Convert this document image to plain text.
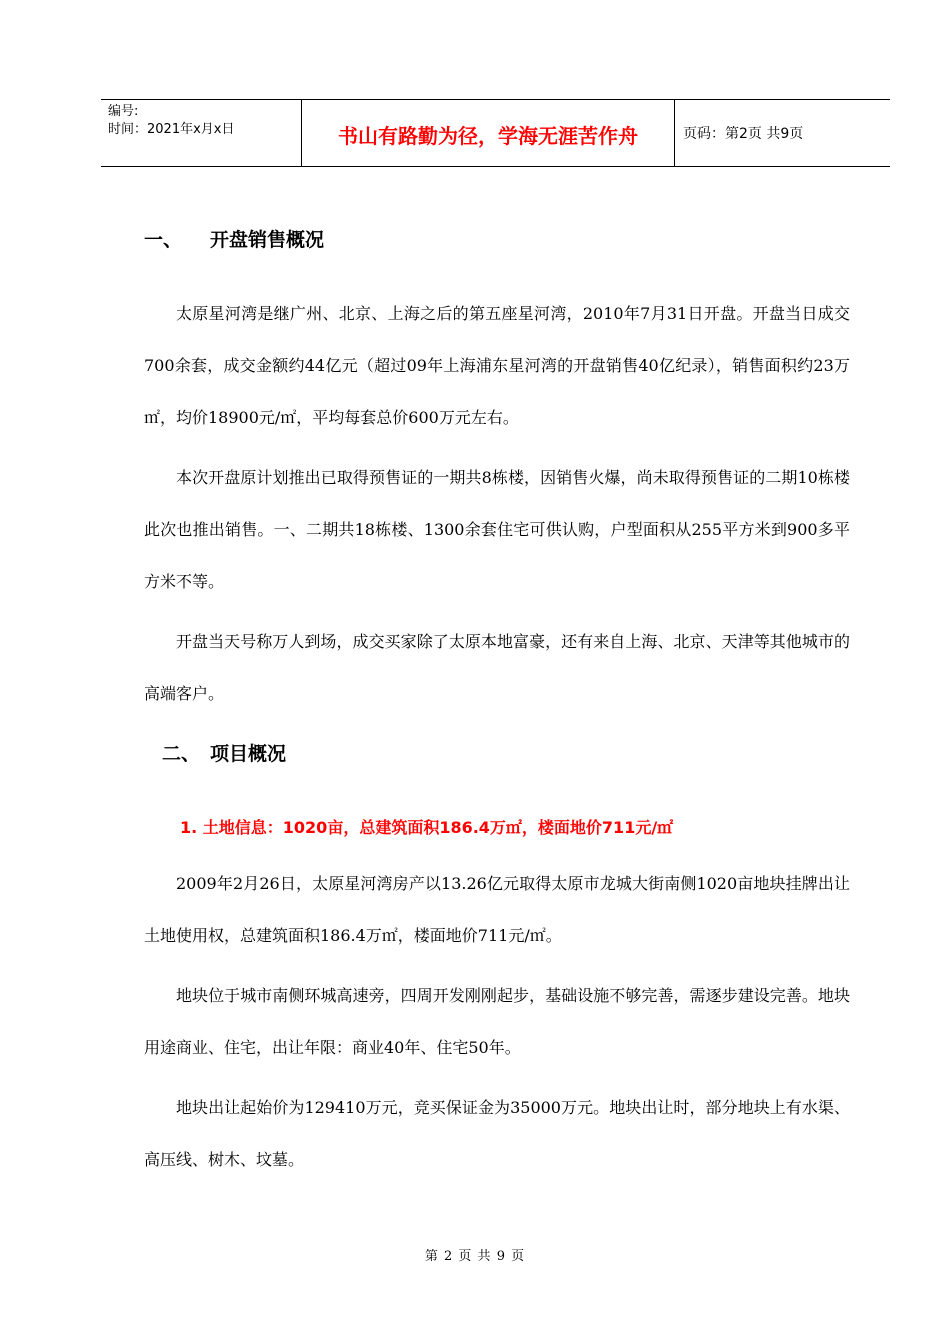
编号:
时间：2021年x月x日	书山有路勤为径，学海无涯苦作舟	页码：第2页 共9页
一、 开盘销售概况

太原星河湾是继广州、北京、上海之后的第五座星河湾，2010年7月31日开盘。开盘当日成交700余套，成交金额约44亿元（超过09年上海浦东星河湾的开盘销售40亿纪录），销售面积约23万㎡，均价18900元/㎡，平均每套总价600万元左右。

本次开盘原计划推出已取得预售证的一期共8栋楼，因销售火爆，尚未取得预售证的二期10栋楼此次也推出销售。一、二期共18栋楼、1300余套住宅可供认购，户型面积从255平方米到900多平方米不等。

开盘当天号称万人到场，成交买家除了太原本地富豪，还有来自上海、北京、天津等其他城市的高端客户。

二、 项目概况
1. 土地信息：1020亩，总建筑面积186.4万㎡，楼面地价711元/㎡

2009年2月26日，太原星河湾房产以13.26亿元取得太原市龙城大街南侧1020亩地块挂牌出让土地使用权，总建筑面积186.4万㎡，楼面地价711元/㎡。

地块位于城市南侧环城高速旁，四周开发刚刚起步，基础设施不够完善，需逐步建设完善。地块用途商业、住宅，出让年限：商业40年、住宅50年。

地块出让起始价为129410万元，竞买保证金为35000万元。地块出让时，部分地块上有水渠、高压线、树木、坟墓。

第 2 页 共 9 页
